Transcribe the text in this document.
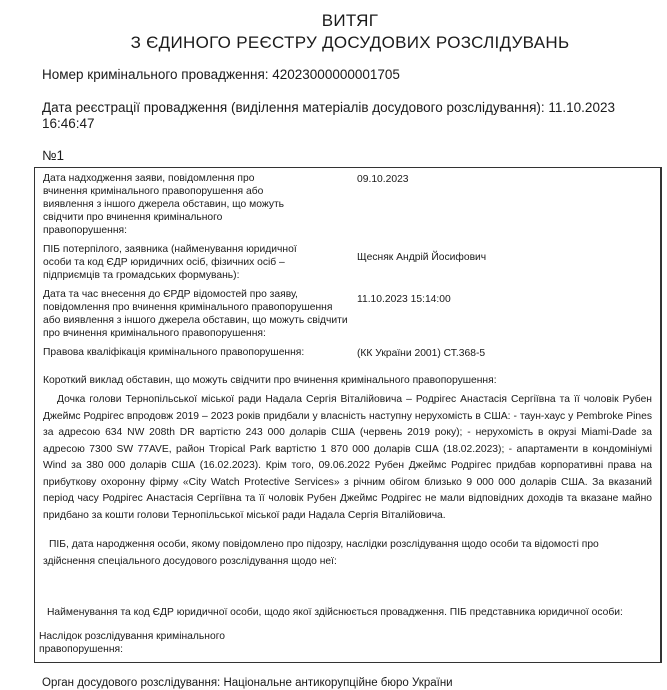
ВИТЯГ
З ЄДИНОГО РЕЄСТРУ ДОСУДОВИХ РОЗСЛІДУВАНЬ
Номер кримінального провадження: 42023000000001705
Дата реєстрації провадження (виділення матеріалів досудового розслідування): 11.10.2023
16:46:47
№1
Дата надходження заяви, повідомлення про вчинення кримінального правопорушення або виявлення з іншого джерела обставин, що можуть свідчити про вчинення кримінального правопорушення:
09.10.2023
ПІБ потерпілого, заявника (найменування юридичної особи та код ЄДР юридичних осіб, фізичних осіб – підприємців та громадських формувань):
Щесняк Андрій Йосифович
Дата та час внесення до ЄРДР відомостей про заяву, повідомлення про вчинення кримінального правопорушення або виявлення з іншого джерела обставин, що можуть свідчити про вчинення кримінального правопорушення:
11.10.2023 15:14:00
Правова кваліфікація кримінального правопорушення:	(КК України 2001) СТ.368-5
Короткий виклад обставин, що можуть свідчити про вчинення кримінального правопорушення:
Дочка голови Тернопільської міської ради Надала Сергія Віталійовича – Родрігес Анастасія Сергіївна та її чоловік Рубен Джеймс Родрігес впродовж 2019 – 2023 років придбали у власність наступну нерухомість в США: - таун-хаус у Pembroke Pines за адресою 634 NW 208th DR вартістю 243 000 доларів США (червень 2019 року); - нерухомість в окрузі Miami-Dade за адресою 7300 SW 77AVE, район Tropical Park вартістю 1 870 000 доларів США (18.02.2023); - апартаменти в кондомініумі Wind за 380 000 доларів США (16.02.2023). Крім того, 09.06.2022 Рубен Джеймс Родрігес придбав корпоративні права на прибуткову охоронну фірму «City Watch Protective Services» з річним обігом близько 9 000 000 доларів США. За вказаний період часу Родрігес Анастасія Сергіївна та її чоловік Рубен Джеймс Родрігес не мали відповідних доходів та вказане майно придбано за кошти голови Тернопільської міської ради Надала Сергія Віталійовича.
ПІБ, дата народження особи, якому повідомлено про підозру, наслідки розслідування щодо особи та відомості про здійснення спеціального досудового розслідування щодо неї:
Найменування та код ЄДР юридичної особи, щодо якої здійснюється провадження. ПІБ представника юридичної особи:
Наслідок розслідування кримінального правопорушення:
Орган досудового розслідування: Національне антикорупційне бюро України
